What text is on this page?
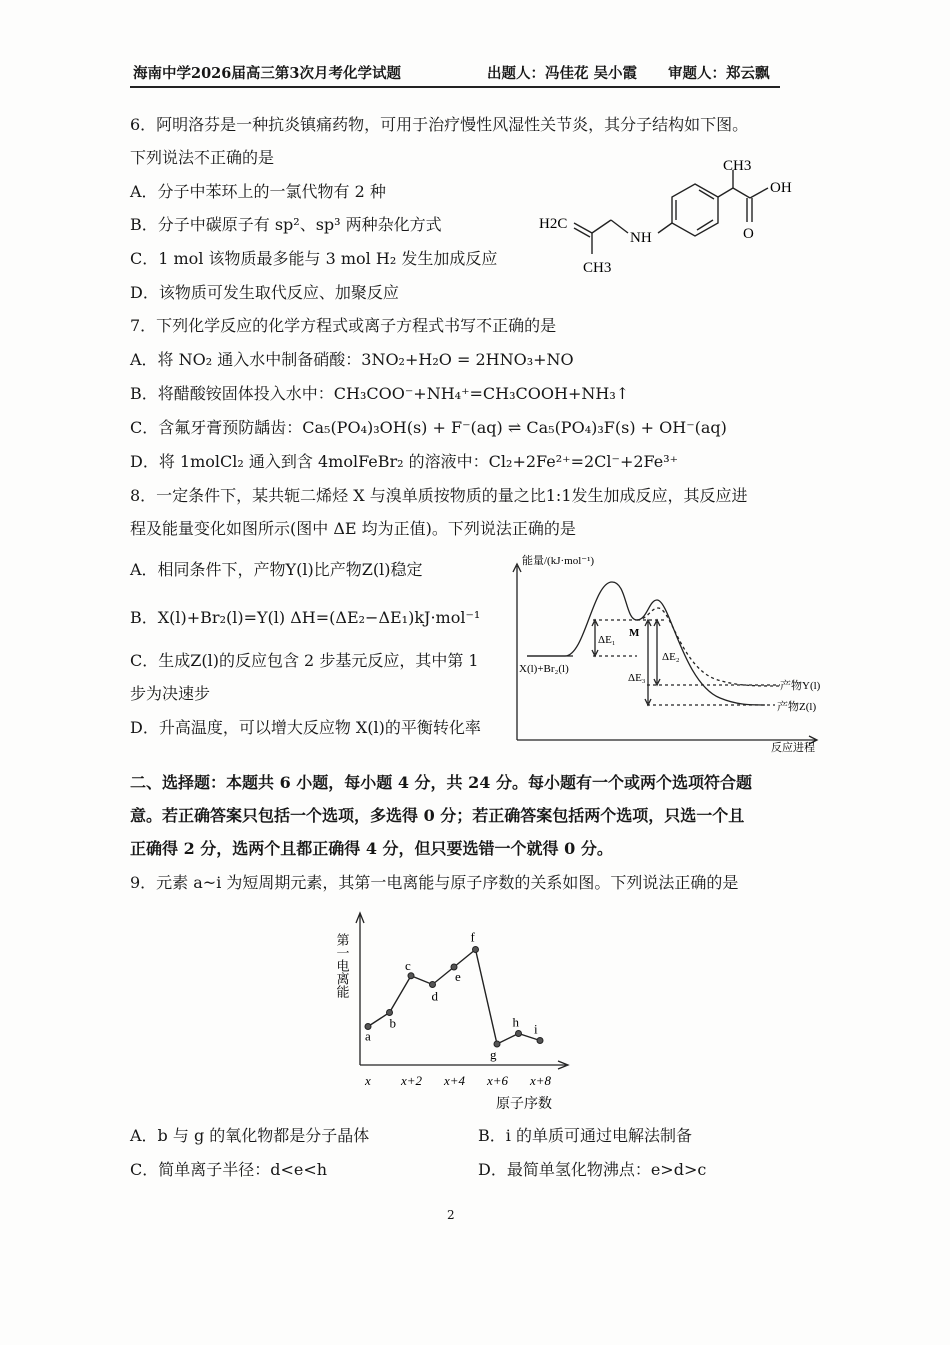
海南中学2026届高三第3次月考化学试题	出题人：冯佳花 吴小霞 审题人：郑云飘
6．阿明洛芬是一种抗炎镇痛药物，可用于治疗慢性风湿性关节炎，其分子结构如下图。
下列说法不正确的是
A．分子中苯环上的一氯代物有 2 种
B．分子中碳原子有 sp²、sp³ 两种杂化方式
C．1 mol 该物质最多能与 3 mol H₂ 发生加成反应
D．该物质可发生取代反应、加聚反应
CH3
OH
O
NH
H2C
CH3
7．下列化学反应的化学方程式或离子方程式书写不正确的是
A．将 NO₂ 通入水中制备硝酸：3NO₂+H₂O = 2HNO₃+NO
B．将醋酸铵固体投入水中：CH₃COO⁻+NH₄⁺=CH₃COOH+NH₃↑
C．含氟牙膏预防龋齿：Ca₅(PO₄)₃OH(s) + F⁻(aq) ⇌ Ca₅(PO₄)₃F(s) + OH⁻(aq)
D．将 1molCl₂ 通入到含 4molFeBr₂ 的溶液中：Cl₂+2Fe²⁺=2Cl⁻+2Fe³⁺
8．一定条件下，某共轭二烯烃 X 与溴单质按物质的量之比1:1发生加成反应，其反应进
程及能量变化如图所示(图中 ΔE 均为正值)。下列说法正确的是
A．相同条件下，产物Y(l)比产物Z(l)稳定
B．X(l)+Br₂(l)=Y(l) ΔH=(ΔE₂−ΔE₁)kJ·mol⁻¹
C．生成Z(l)的反应包含 2 步基元反应，其中第 1
步为决速步
D．升高温度，可以增大反应物 X(l)的平衡转化率
能量/(kJ·mol⁻¹)
反应进程
X(l)+Br₂(l)
M
ΔE₁
ΔE₂
ΔE₃
产物Y(l)
产物Z(l)
二、选择题：本题共 6 小题，每小题 4 分，共 24 分。每小题有一个或两个选项符合题
意。若正确答案只包括一个选项，多选得 0 分；若正确答案包括两个选项，只选一个且
正确得 2 分，选两个且都正确得 4 分，但只要选错一个就得 0 分。
9．元素 a~i 为短周期元素，其第一电离能与原子序数的关系如图。下列说法正确的是
第一电离能
原子序数
x x+2 x+4 x+6 x+8
a
b
c
d
e
f
g
h i
A．b 与 g 的氧化物都是分子晶体	B．i 的单质可通过电解法制备
C．简单离子半径：d<e<h	D．最简单氢化物沸点：e>d>c
2
